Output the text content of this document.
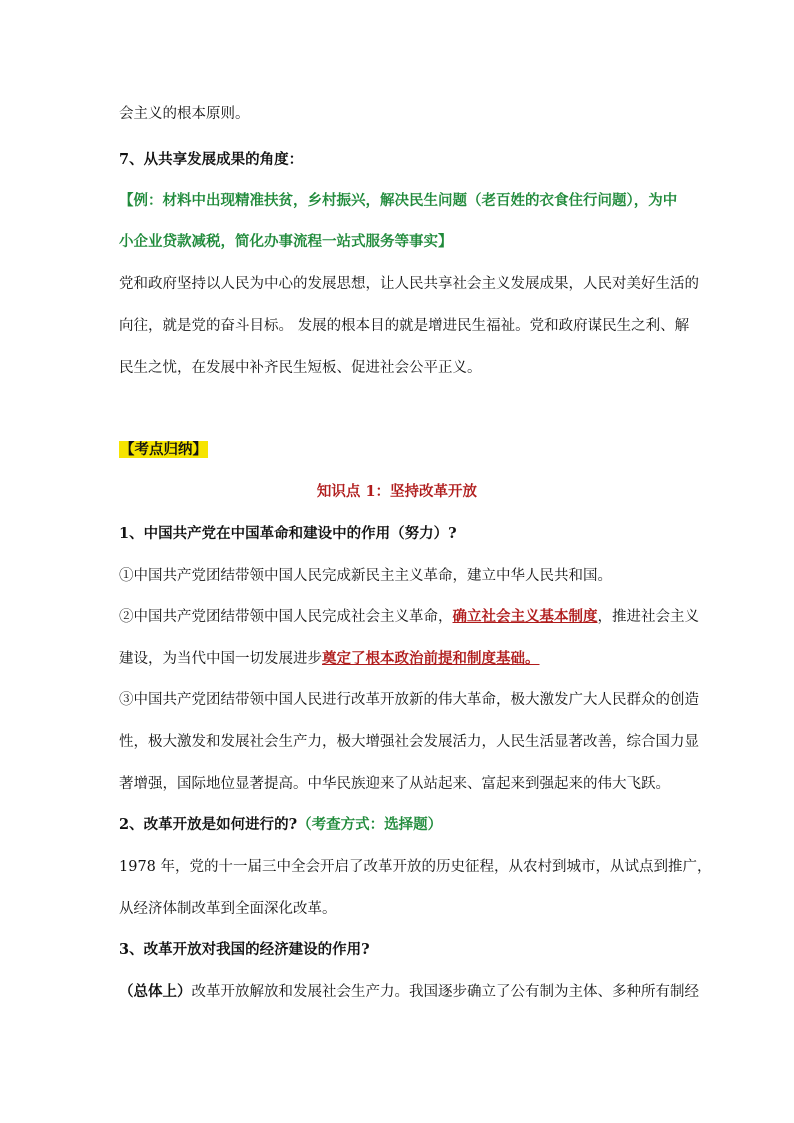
会主义的根本原则。
7、从共享发展成果的角度：
【例：材料中出现精准扶贫，乡村振兴，解决民生问题（老百姓的衣食住行问题），为中
小企业贷款减税，简化办事流程一站式服务等事实】
党和政府坚持以人民为中心的发展思想，让人民共享社会主义发展成果，人民对美好生活的
向往，就是党的奋斗目标。 发展的根本目的就是增进民生福祉。党和政府谋民生之利、解
民生之忧，在发展中补齐民生短板、促进社会公平正义。
【考点归纳】
知识点 1：坚持改革开放
1、中国共产党在中国革命和建设中的作用（努力）?
①中国共产党团结带领中国人民完成新民主主义革命，建立中华人民共和国。
②中国共产党团结带领中国人民完成社会主义革命，确立社会主义基本制度，推进社会主义
建设，为当代中国一切发展进步奠定了根本政治前提和制度基础。
③中国共产党团结带领中国人民进行改革开放新的伟大革命，极大激发广大人民群众的创造
性，极大激发和发展社会生产力，极大增强社会发展活力，人民生活显著改善，综合国力显
著增强，国际地位显著提高。中华民族迎来了从站起来、富起来到强起来的伟大飞跃。
2、改革开放是如何进行的?（考查方式：选择题）
1978 年，党的十一届三中全会开启了改革开放的历史征程，从农村到城市，从试点到推广，
从经济体制改革到全面深化改革。
3、改革开放对我国的经济建设的作用?
（总体上）改革开放解放和发展社会生产力。我国逐步确立了公有制为主体、多种所有制经
